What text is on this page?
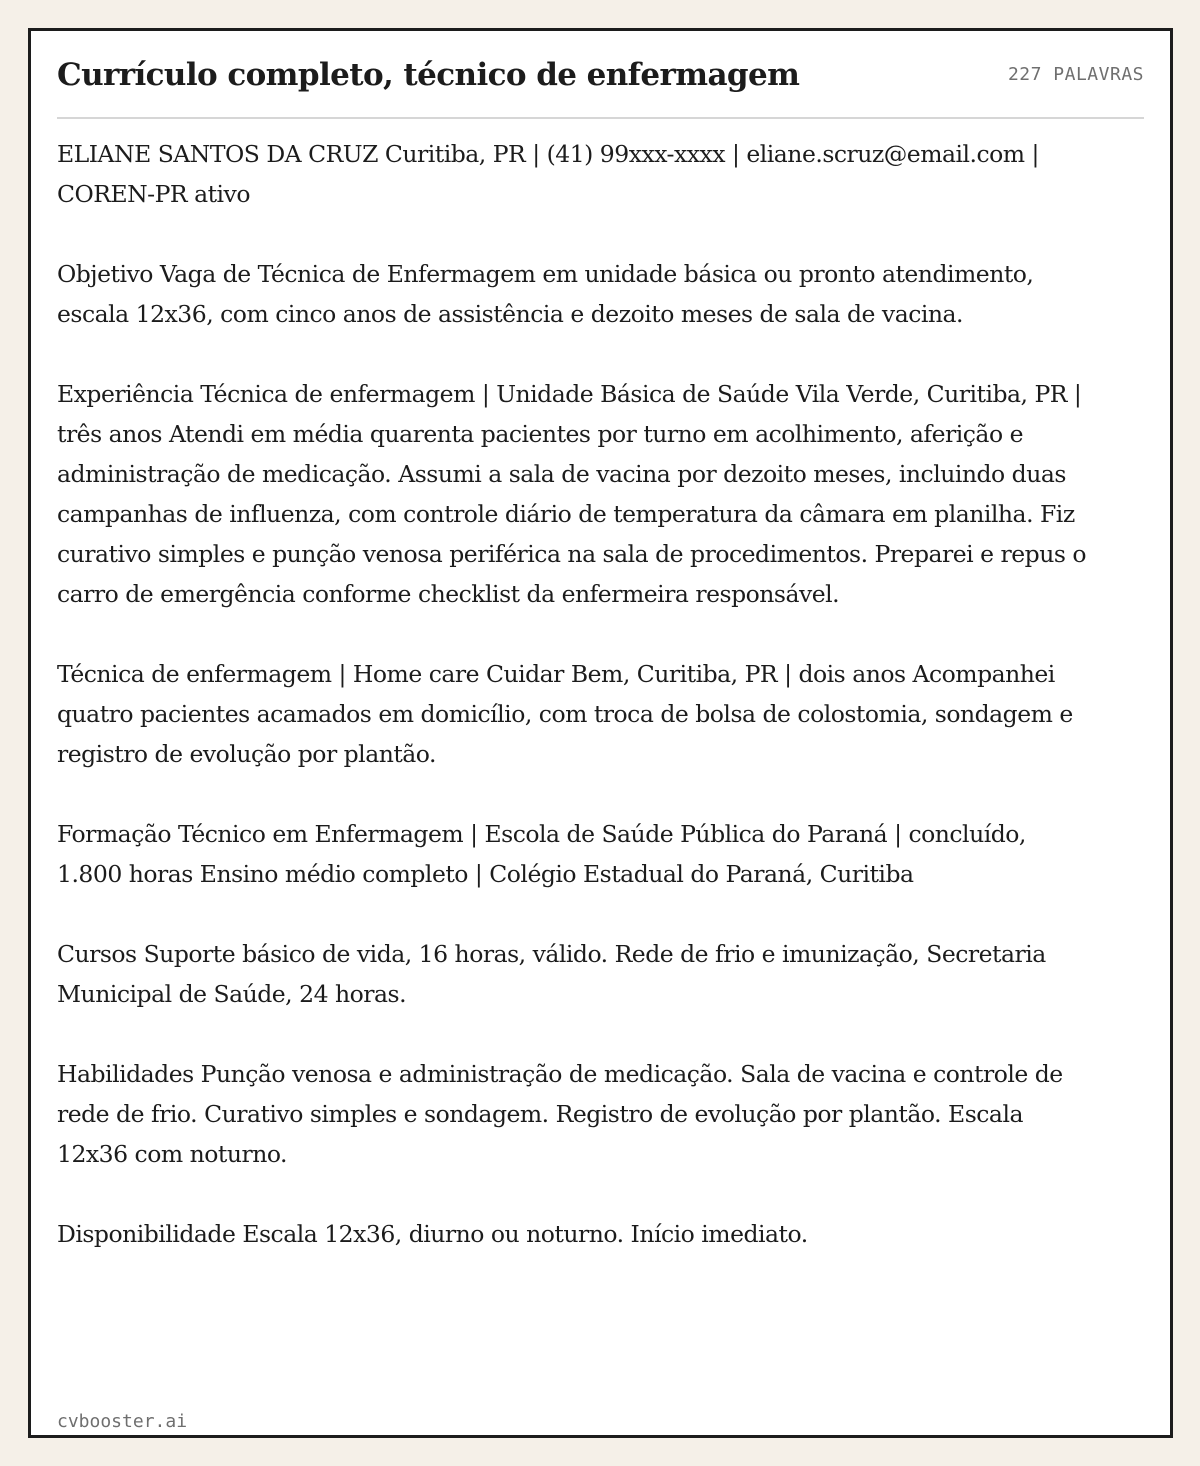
Currículo completo, técnico de enfermagem	227 PALAVRAS

ELIANE SANTOS DA CRUZ Curitiba, PR | (41) 99xxx-xxxx | eliane.scruz@email.com | COREN-PR ativo

Objetivo Vaga de Técnica de Enfermagem em unidade básica ou pronto atendimento, escala 12x36, com cinco anos de assistência e dezoito meses de sala de vacina.

Experiência Técnica de enfermagem | Unidade Básica de Saúde Vila Verde, Curitiba, PR | três anos Atendi em média quarenta pacientes por turno em acolhimento, aferição e administração de medicação. Assumi a sala de vacina por dezoito meses, incluindo duas campanhas de influenza, com controle diário de temperatura da câmara em planilha. Fiz curativo simples e punção venosa periférica na sala de procedimentos. Preparei e repus o carro de emergência conforme checklist da enfermeira responsável.

Técnica de enfermagem | Home care Cuidar Bem, Curitiba, PR | dois anos Acompanhei quatro pacientes acamados em domicílio, com troca de bolsa de colostomia, sondagem e registro de evolução por plantão.

Formação Técnico em Enfermagem | Escola de Saúde Pública do Paraná | concluído, 1.800 horas Ensino médio completo | Colégio Estadual do Paraná, Curitiba

Cursos Suporte básico de vida, 16 horas, válido. Rede de frio e imunização, Secretaria Municipal de Saúde, 24 horas.

Habilidades Punção venosa e administração de medicação. Sala de vacina e controle de rede de frio. Curativo simples e sondagem. Registro de evolução por plantão. Escala 12x36 com noturno.

Disponibilidade Escala 12x36, diurno ou noturno. Início imediato.

cvbooster.ai
